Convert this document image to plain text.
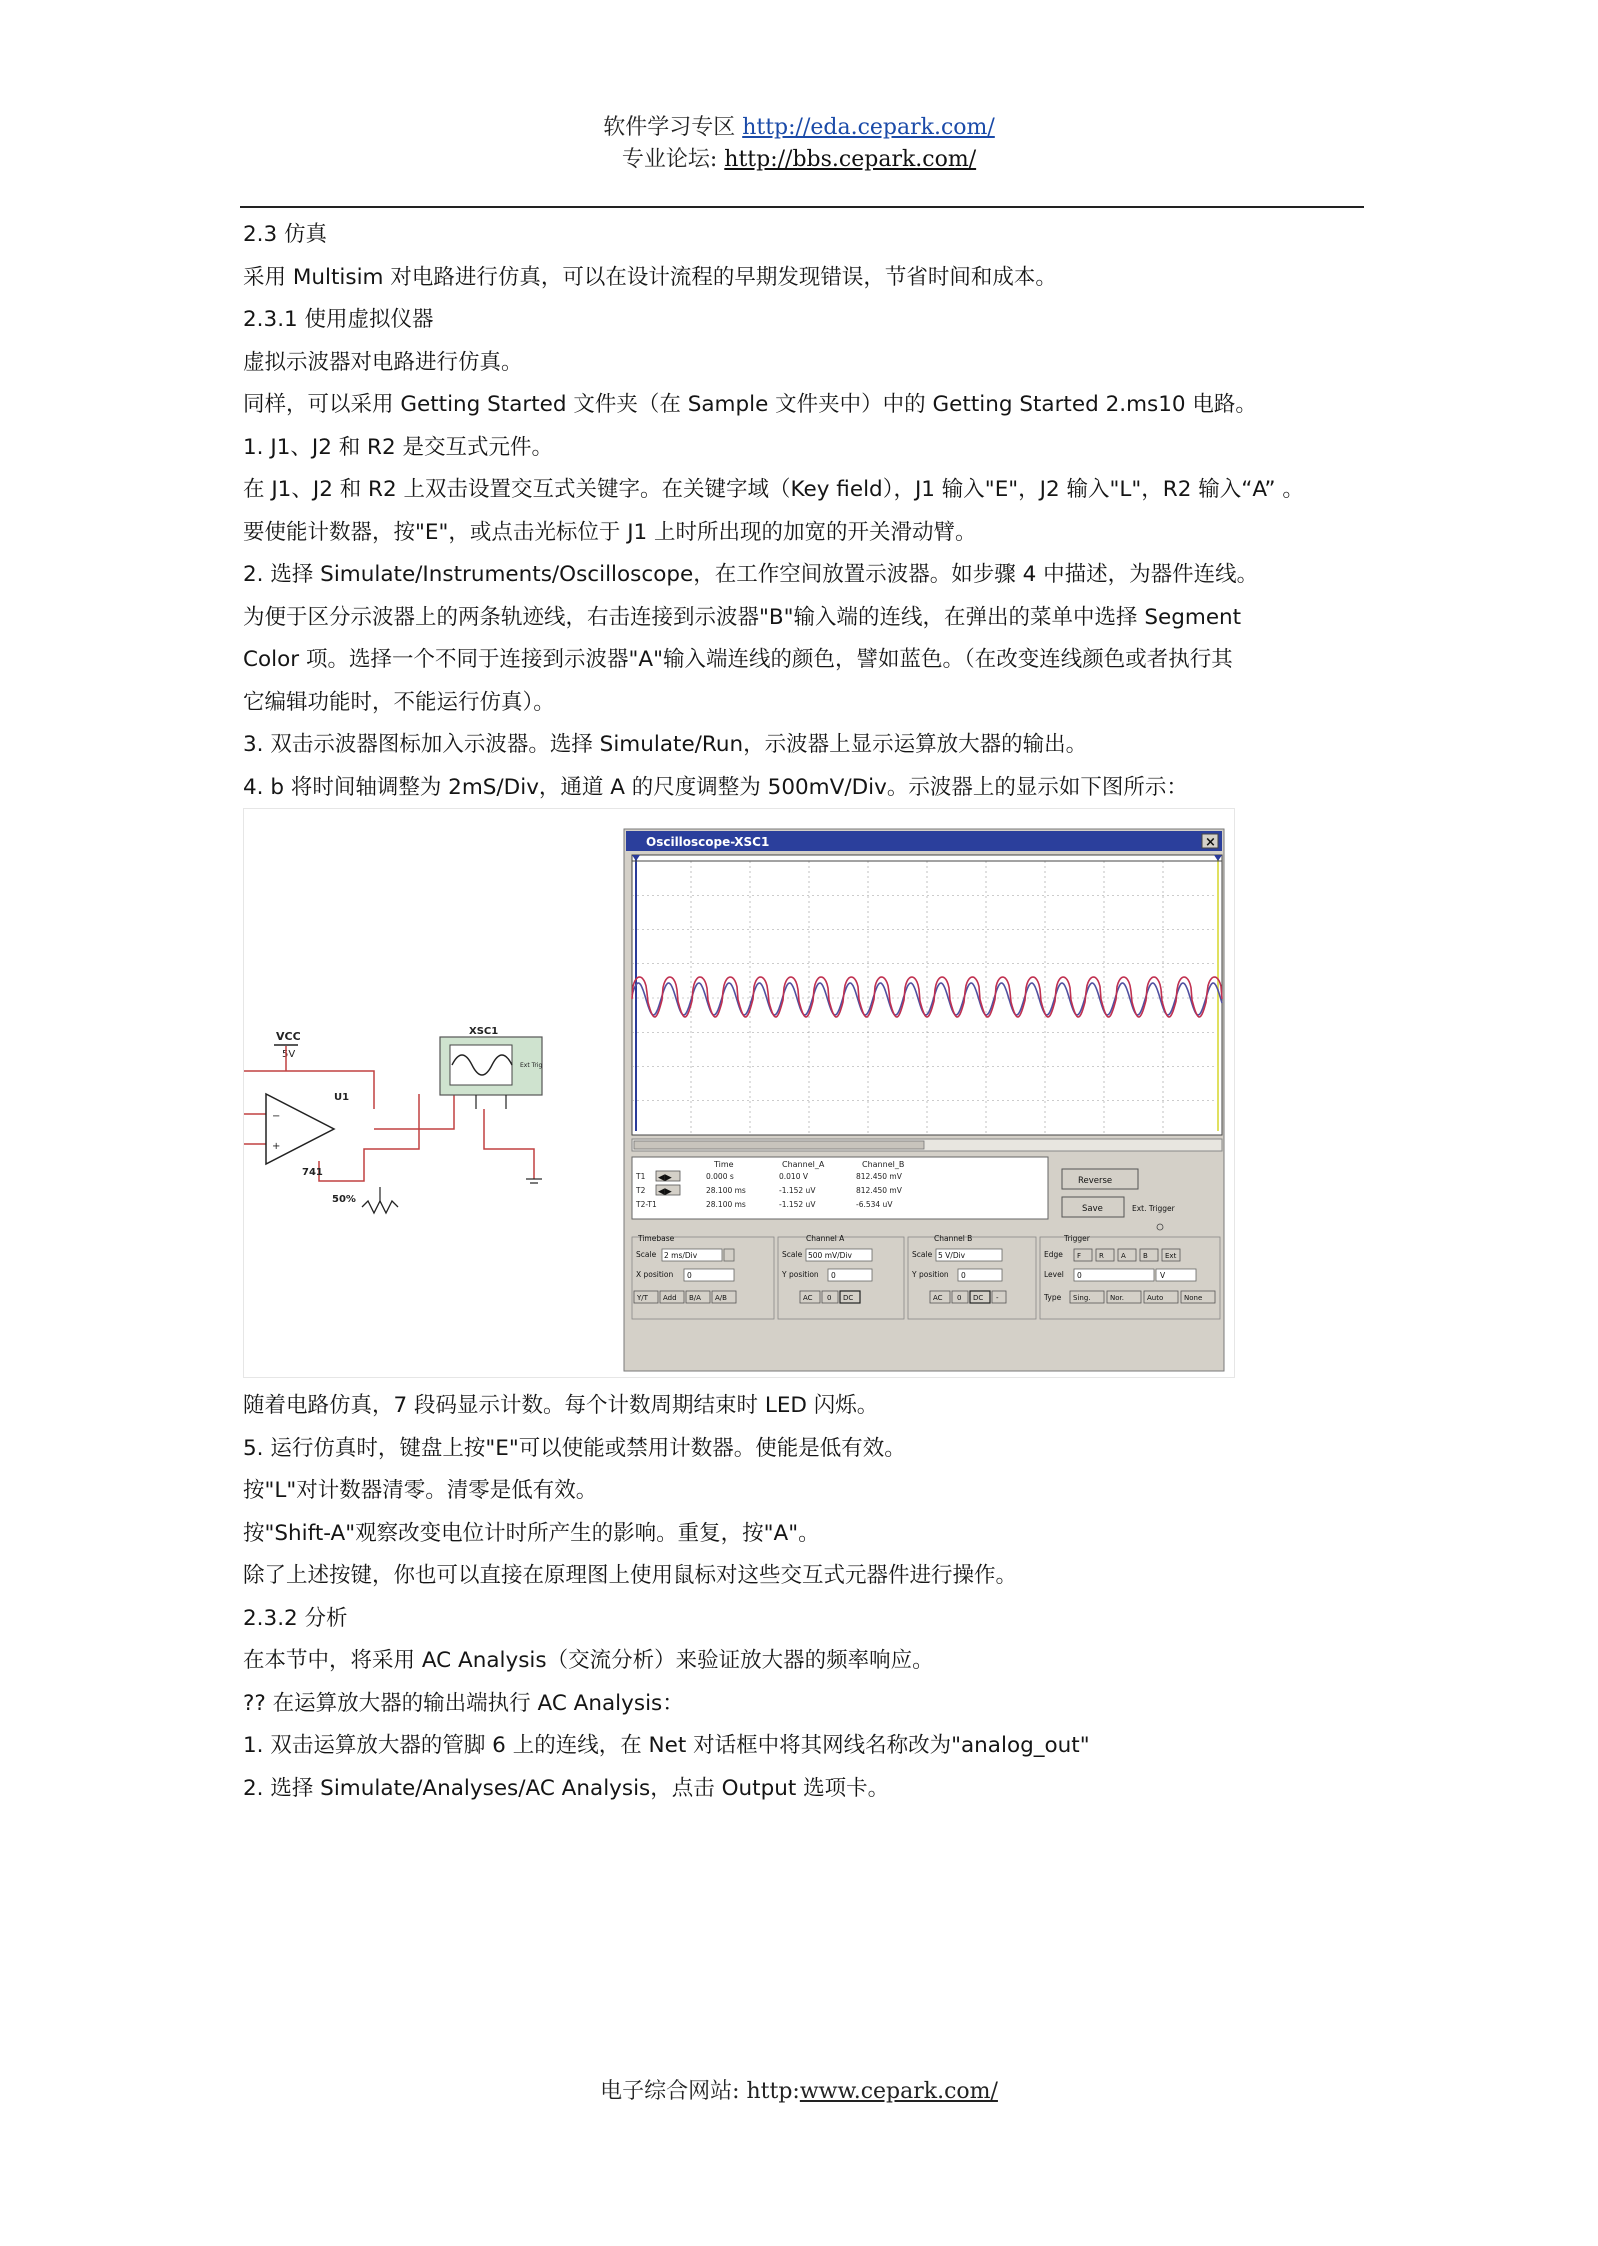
软件学习专区 http://eda.cepark.com/
专业论坛: http://bbs.cepark.com/

2.3 仿真

采用 Multisim 对电路进行仿真，可以在设计流程的早期发现错误，节省时间和成本。

2.3.1 使用虚拟仪器

虚拟示波器对电路进行仿真。

同样，可以采用 Getting Started 文件夹（在 Sample 文件夹中）中的 Getting Started 2.ms10 电路。

1. J1、J2 和 R2 是交互式元件。

在 J1、J2 和 R2 上双击设置交互式关键字。在关键字域（Key field），J1 输入"E"，J2 输入"L"，R2 输入“A” 。

要使能计数器，按"E"，或点击光标位于 J1 上时所出现的加宽的开关滑动臂。

2. 选择 Simulate/Instruments/Oscilloscope，在工作空间放置示波器。如步骤 4 中描述，为器件连线。

为便于区分示波器上的两条轨迹线，右击连接到示波器"B"输入端的连线，在弹出的菜单中选择 Segment

Color 项。选择一个不同于连接到示波器"A"输入端连线的颜色，譬如蓝色。（在改变连线颜色或者执行其

它编辑功能时，不能运行仿真）。

3. 双击示波器图标加入示波器。选择 Simulate/Run，示波器上显示运算放大器的输出。

4. b 将时间轴调整为 2mS/Div，通道 A 的尺度调整为 500mV/Div。示波器上的显示如下图所示：

VCC
5V
−
+
U1
741
50%
XSC1
Ext Trig
Oscilloscope-XSC1	×
Time	Channel_A	Channel_B
T1	0.000 s	0.010 V	812.450 mV
T2	28.100 ms	-1.152 uV	812.450 mV
T2-T1	28.100 ms	-1.152 uV	-6.534 uV
◀▶
◀▶
Reverse
Save	Ext. Trigger
Timebase
Scale 2 ms/Div
X position 0
Y/T Add B/A A/B
Channel A
Scale 500 mV/Div
Y position 0
AC 0 DC
Channel B
Scale 5 V/Div
Y position 0
AC 0 DC -
Trigger
Edge F	R A B Ext
Level 0	V
Type Sing.	Nor.	Auto	None

随着电路仿真，7 段码显示计数。每个计数周期结束时 LED 闪烁。

5. 运行仿真时，键盘上按"E"可以使能或禁用计数器。使能是低有效。

按"L"对计数器清零。清零是低有效。

按"Shift-A"观察改变电位计时所产生的影响。重复，按"A"。

除了上述按键，你也可以直接在原理图上使用鼠标对这些交互式元器件进行操作。

2.3.2 分析

在本节中，将采用 AC Analysis（交流分析）来验证放大器的频率响应。

?? 在运算放大器的输出端执行 AC Analysis：

1. 双击运算放大器的管脚 6 上的连线，在 Net 对话框中将其网线名称改为"analog_out"

2. 选择 Simulate/Analyses/AC Analysis，点击 Output 选项卡。

电子综合网站: http:www.cepark.com/
